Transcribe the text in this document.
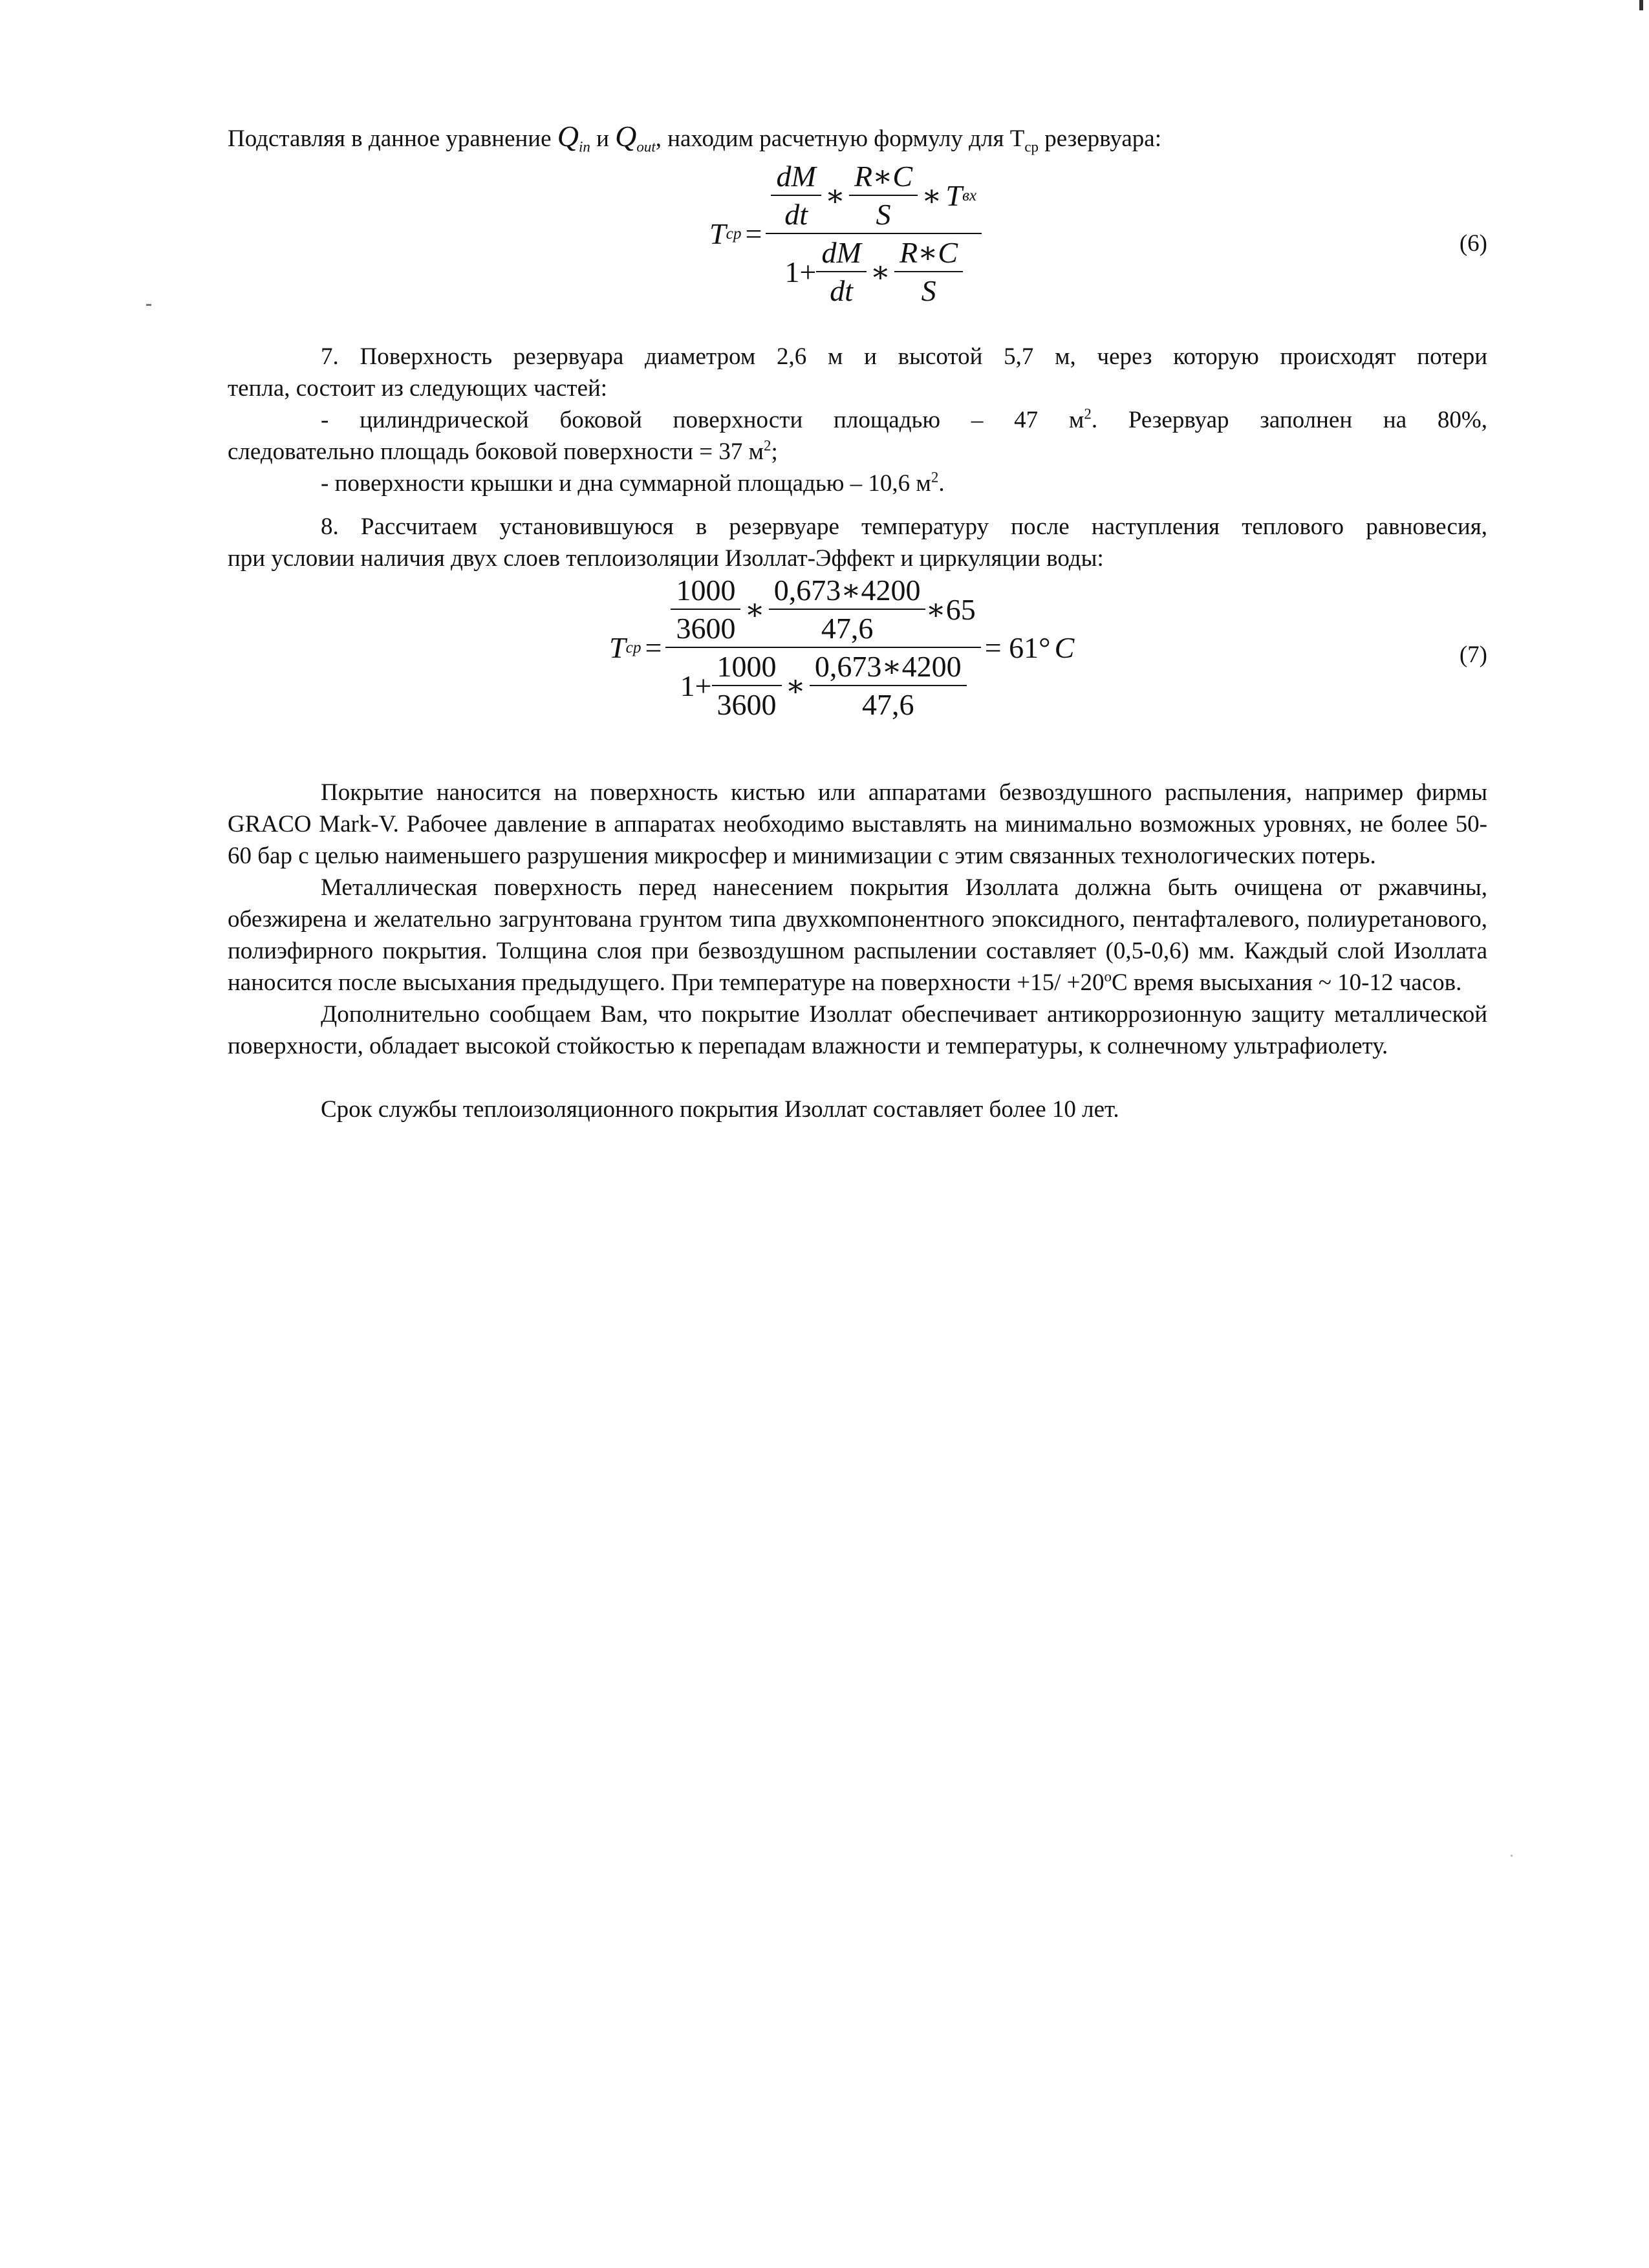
Подставляя в данное уравнение $Q_{in}$ и $Q_{out}$, находим расчетную формулу для $Т_{ср}$ резервуара:

T ср = $\frac{\frac{dM}{dt} ∗ \frac{R∗C}{S} ∗ T вх}{1+ \frac{dM}{dt} ∗ \frac{R∗C}{S}}$	(6)

7. Поверхность резервуара диаметром 2,6 м и высотой 5,7 м, через которую происходят потери

тепла, состоит из следующих частей:

- цилиндрической боковой поверхности площадью – 47 $м^2$. Резервуар заполнен на 80%,

следовательно площадь боковой поверхности = 37 $м^2$;

- поверхности крышки и дна суммарной площадью – 10,6 $м^2$.

8. Рассчитаем установившуюся в резервуаре температуру после наступления теплового равновесия,

при условии наличия двух слоев теплоизоляции Изоллат-Эффект и циркуляции воды:

T ср =
$\frac{1000}{3600}$ ∗ $\frac{0,673∗4200}{47,6}$ ∗65
$1+ \frac{1000}{3600}$ ∗ $\frac{0,673∗4200}{47,6}$
= 61° C	(7)

Покрытие наносится на поверхность кистью или аппаратами безвоздушного распыления, например фирмы GRACO Mark-V. Рабочее давление в аппаратах необходимо выставлять на минимально возможных уровнях, не более 50-60 бар с целью наименьшего разрушения микросфер и минимизации с этим связанных технологических потерь.

Металлическая поверхность перед нанесением покрытия Изоллата должна быть очищена от ржавчины, обезжирена и желательно загрунтована грунтом типа двухкомпонентного эпоксидного, пентафталевого, полиуретанового, полиэфирного покрытия. Толщина слоя при безвоздушном распылении составляет (0,5-0,6) мм. Каждый слой Изоллата наносится после высыхания предыдущего. При температуре на поверхности $+15/ +20^оС$ время высыхания ~ 10-12 часов.

Дополнительно сообщаем Вам, что покрытие Изоллат обеспечивает антикоррозионную защиту металлической поверхности, обладает высокой стойкостью к перепадам влажности и температуры, к солнечному ультрафиолету.

Срок службы теплоизоляционного покрытия Изоллат составляет более 10 лет.
